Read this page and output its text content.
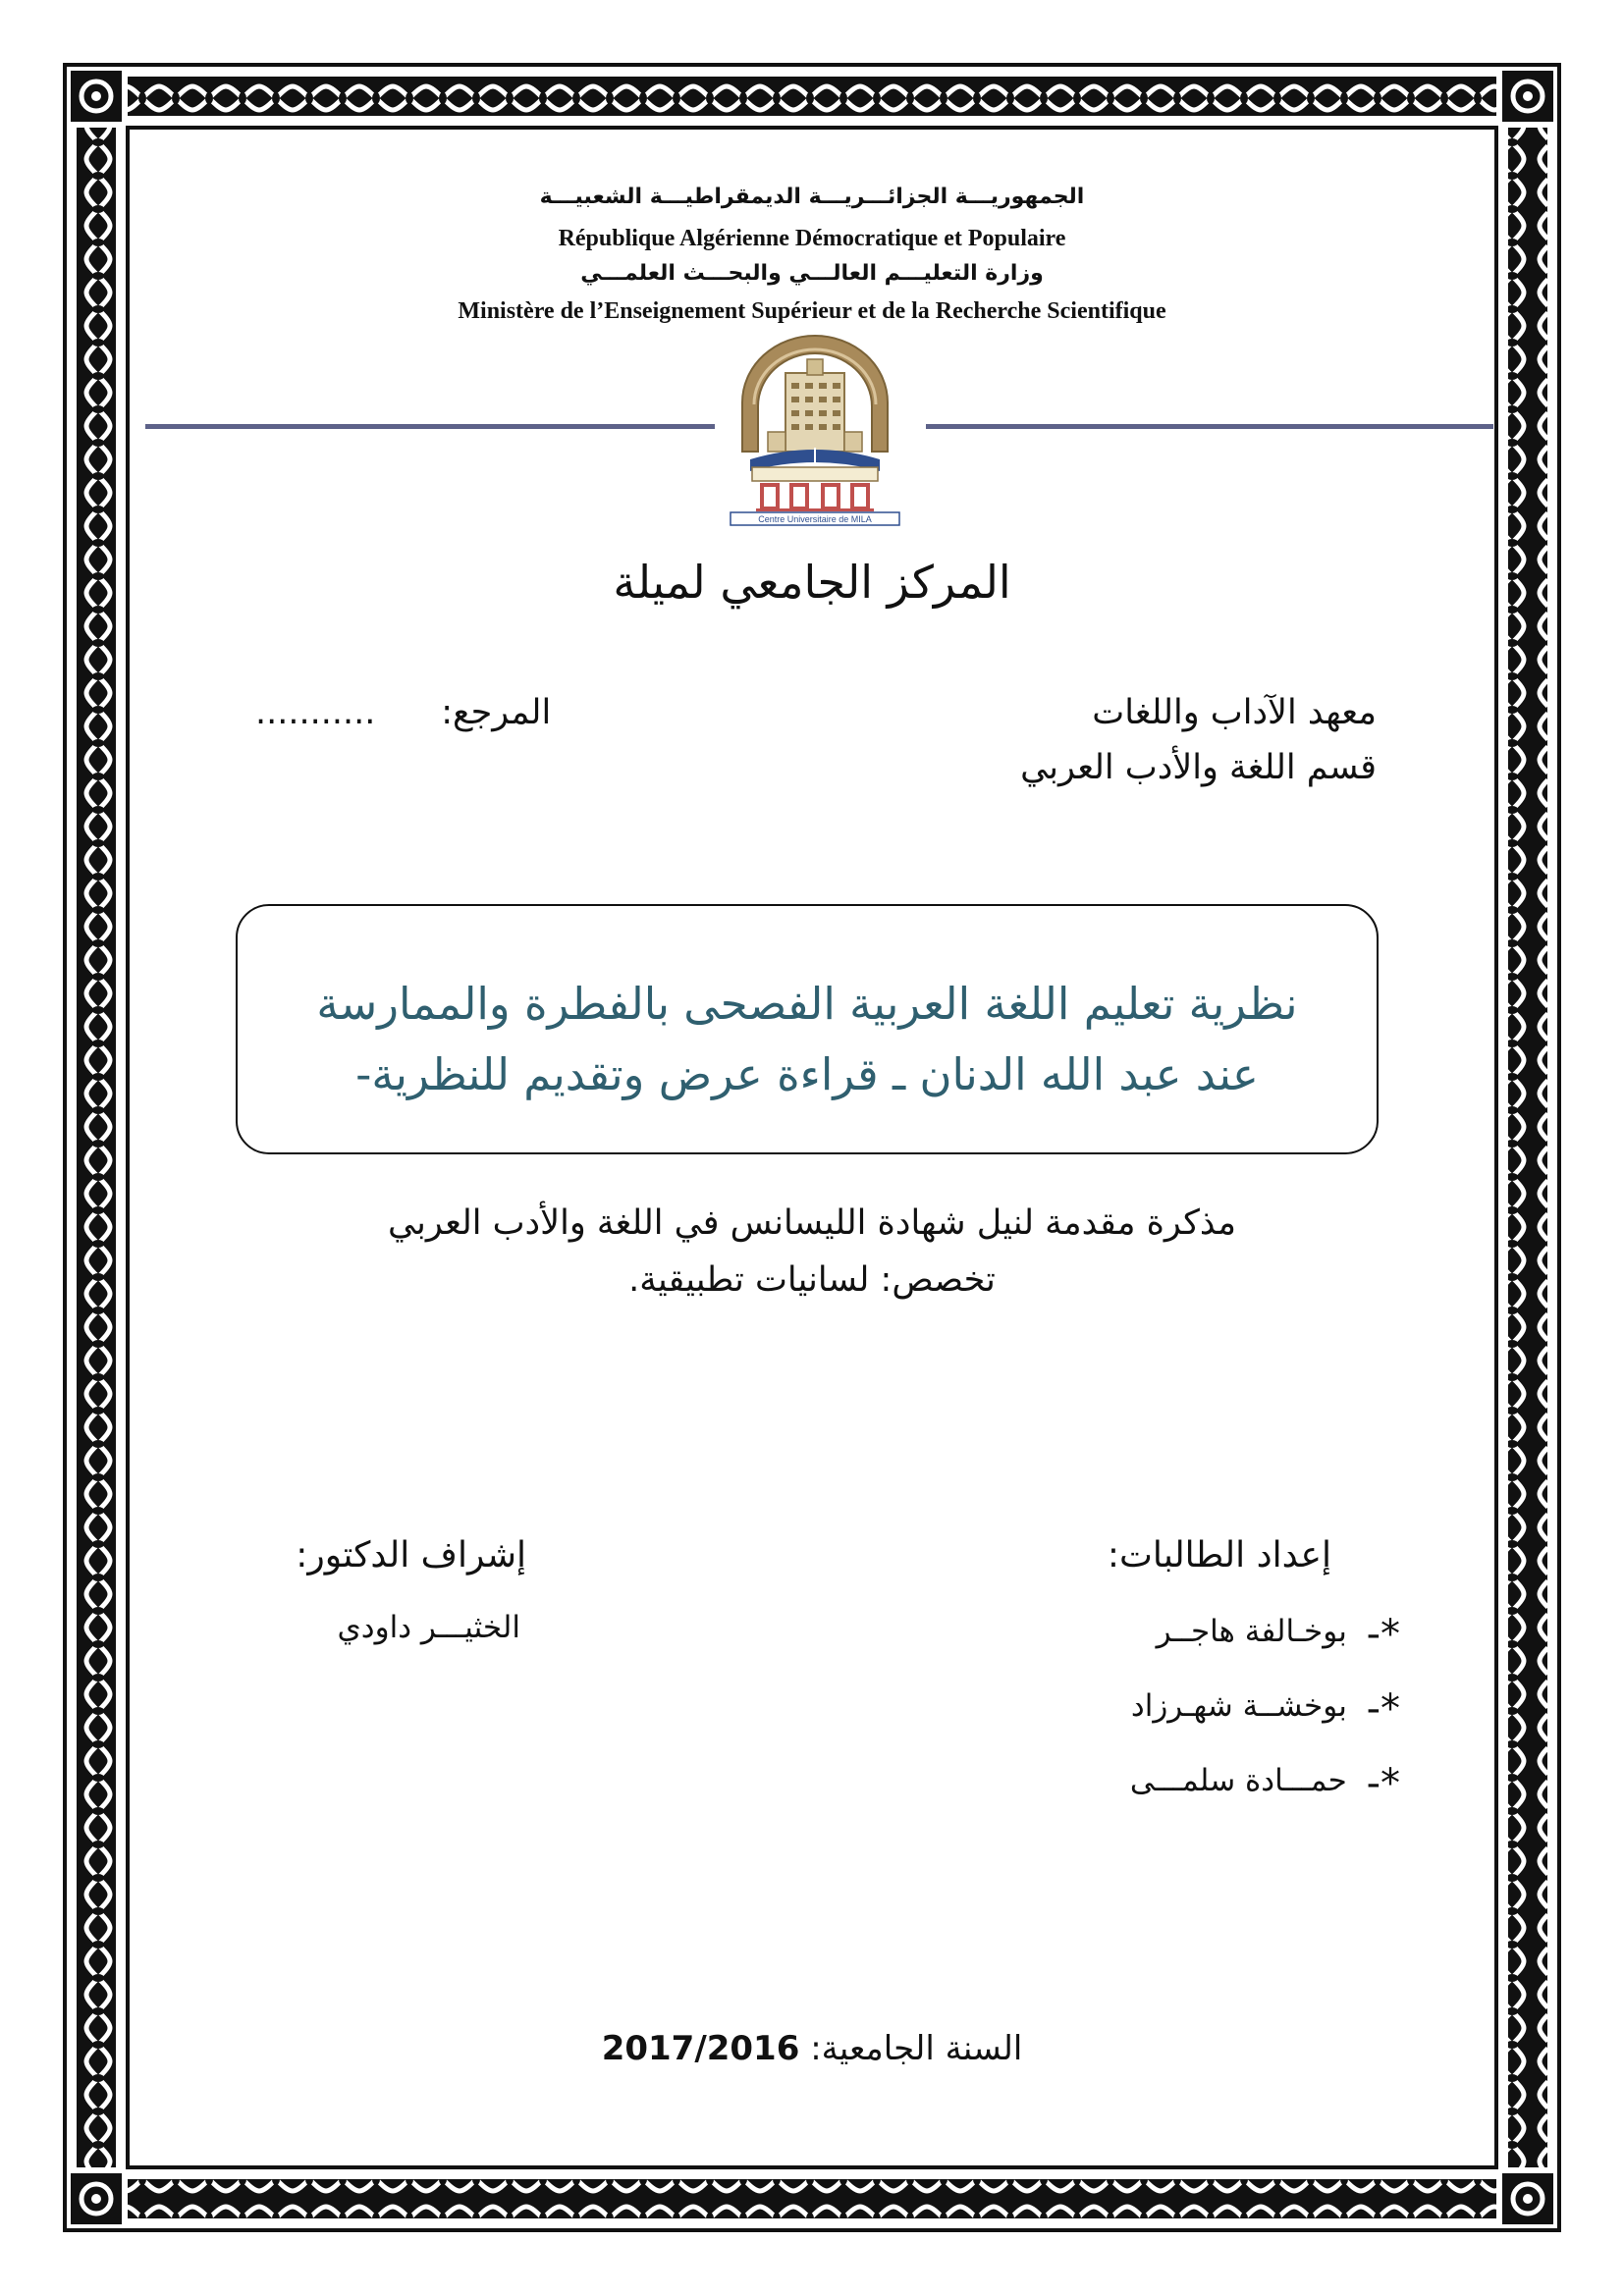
الجمهوريـــة الجزائـــريـــة الديمقراطيـــة الشعبيـــة
République Algérienne Démocratique et Populaire
وزارة التعليـــم العالـــي والبحـــث العلمـــي
Ministère de l’Enseignement Supérieur et de la Recherche Scientifique
Centre Universitaire de MILA
المركز الجامعي لميلة
معهد الآداب واللغات
قسم اللغة والأدب العربي
........... المرجع:
نظرية تعليم اللغة العربية الفصحى بالفطرة والممارسة
عند عبد الله الدنان ـ قراءة عرض وتقديم للنظرية-
مذكرة مقدمة لنيل شهادة الليسانس في اللغة والأدب العربي
تخصص: لسانيات تطبيقية.
إعداد الطالبات:
*-  بوخـالفة هاجــر
*-  بوخشــة شهـرزاد
*-  حمـــادة سلمـــى
إشراف الدكتور:
الخثيـــر داودي
2017/2016 السنة الجامعية:
